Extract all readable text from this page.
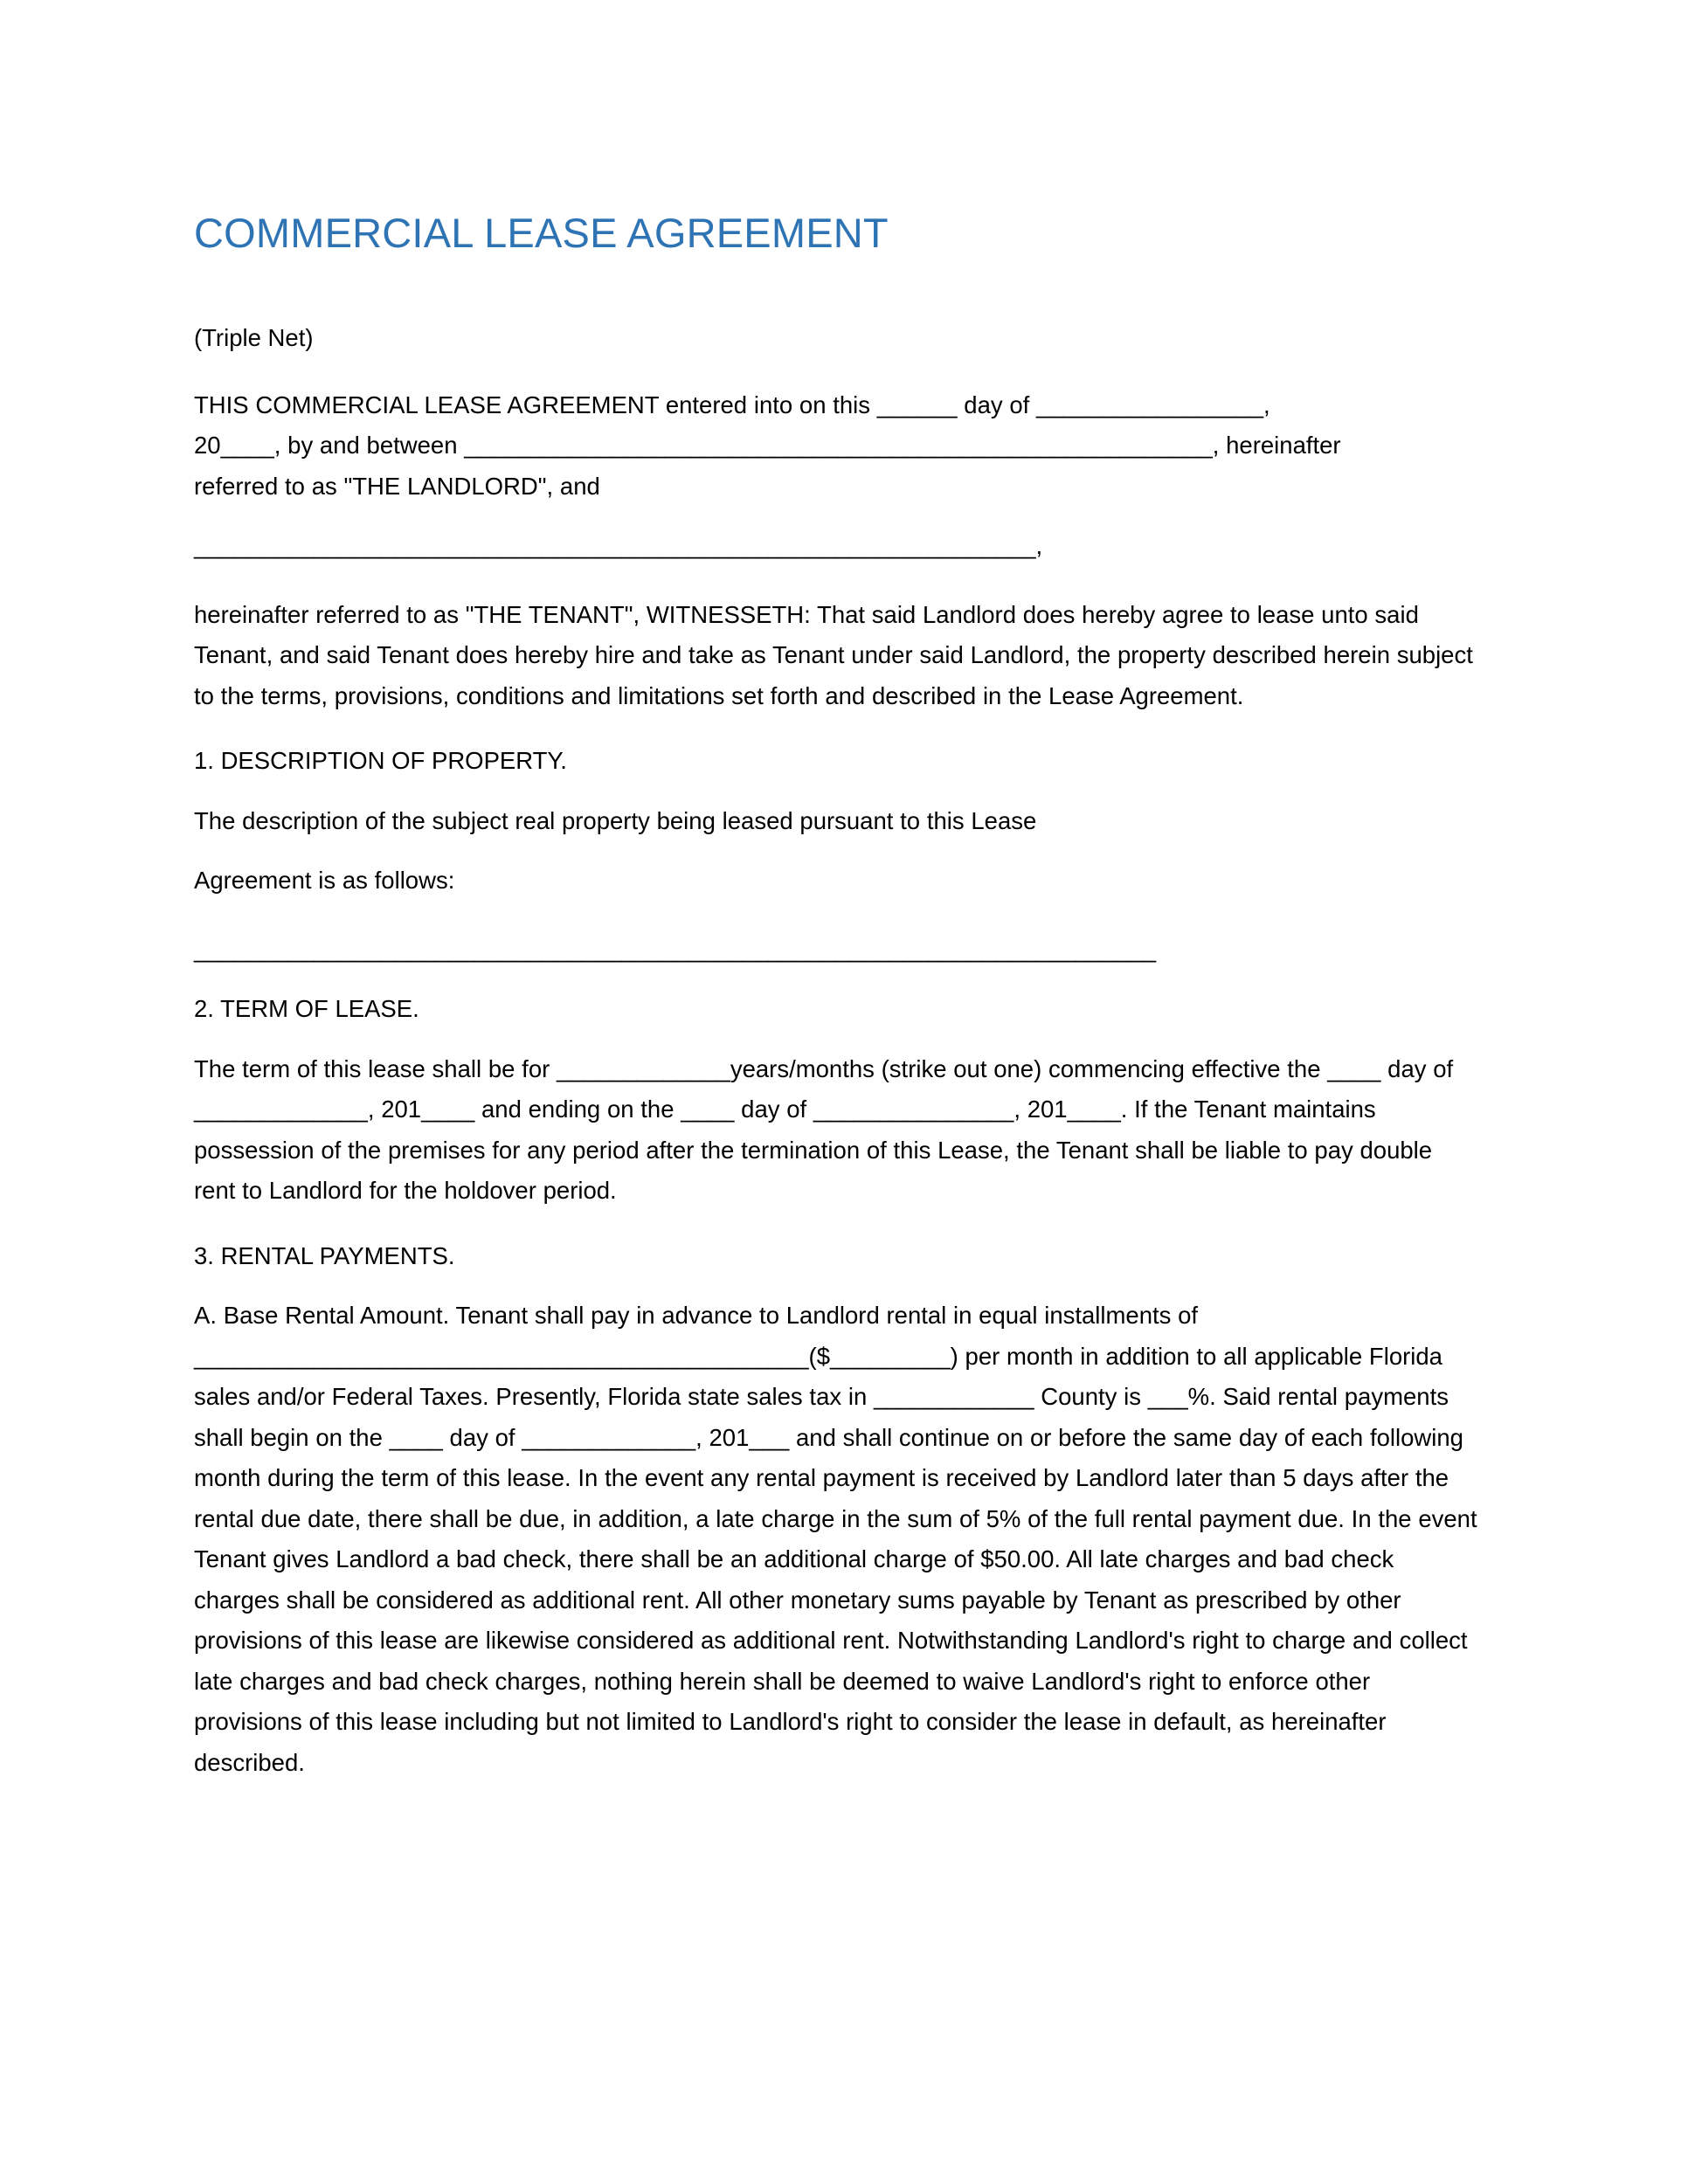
COMMERCIAL LEASE AGREEMENT
(Triple Net)

THIS COMMERCIAL LEASE AGREEMENT entered into on this ______ day of _________________,

20____, by and between ________________________________________________________, hereinafter

referred to as "THE LANDLORD", and

_______________________________________________________________,

hereinafter referred to as "THE TENANT", WITNESSETH: That said Landlord does hereby agree to lease unto said Tenant, and said Tenant does hereby hire and take as Tenant under said Landlord, the property described herein subject to the terms, provisions, conditions and limitations set forth and described in the Lease Agreement.

1. DESCRIPTION OF PROPERTY.

The description of the subject real property being leased pursuant to this Lease

Agreement is as follows:

________________________________________________________________________

2. TERM OF LEASE.

The term of this lease shall be for _____________years/months (strike out one) commencing effective the ____ day of _____________, 201____ and ending on the ____ day of _______________, 201____. If the Tenant maintains possession of the premises for any period after the termination of this Lease, the Tenant shall be liable to pay double rent to Landlord for the holdover period.

3. RENTAL PAYMENTS.

A. Base Rental Amount. Tenant shall pay in advance to Landlord rental in equal installments of ______________________________________________($_________) per month in addition to all applicable Florida sales and/or Federal Taxes. Presently, Florida state sales tax in ____________ County is ___%. Said rental payments shall begin on the ____ day of _____________, 201___ and shall continue on or before the same day of each following month during the term of this lease. In the event any rental payment is received by Landlord later than 5 days after the rental due date, there shall be due, in addition, a late charge in the sum of 5% of the full rental payment due. In the event Tenant gives Landlord a bad check, there shall be an additional charge of $50.00. All late charges and bad check charges shall be considered as additional rent. All other monetary sums payable by Tenant as prescribed by other provisions of this lease are likewise considered as additional rent. Notwithstanding Landlord's right to charge and collect late charges and bad check charges, nothing herein shall be deemed to waive Landlord's right to enforce other provisions of this lease including but not limited to Landlord's right to consider the lease in default, as hereinafter described.
